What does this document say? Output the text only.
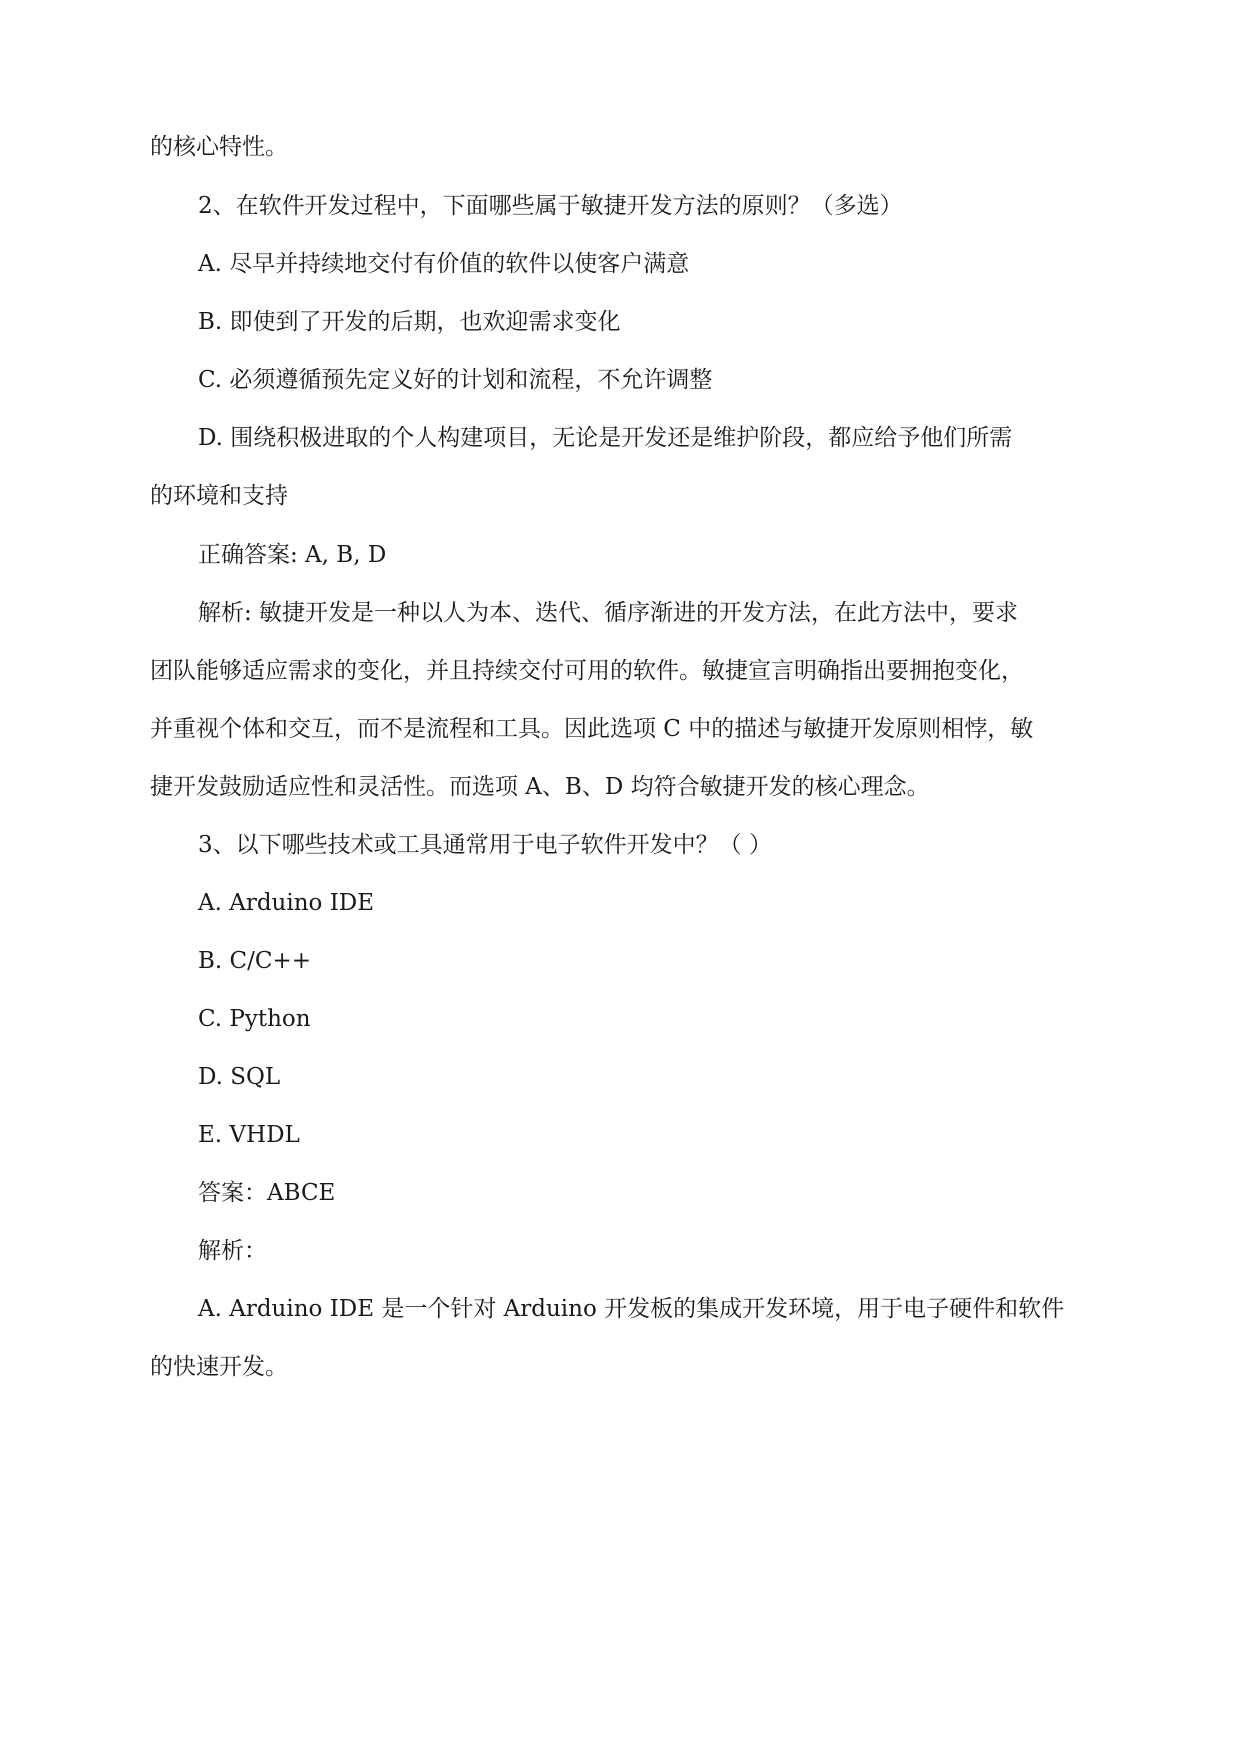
的核心特性。
2、在软件开发过程中，下面哪些属于敏捷开发方法的原则？（多选）
A. 尽早并持续地交付有价值的软件以使客户满意
B. 即使到了开发的后期，也欢迎需求变化
C. 必须遵循预先定义好的计划和流程，不允许调整
D. 围绕积极进取的个人构建项目，无论是开发还是维护阶段，都应给予他们所需
的环境和支持
正确答案: A, B, D
解析: 敏捷开发是一种以人为本、迭代、循序渐进的开发方法，在此方法中，要求
团队能够适应需求的变化，并且持续交付可用的软件。敏捷宣言明确指出要拥抱变化，
并重视个体和交互，而不是流程和工具。因此选项 C 中的描述与敏捷开发原则相悖，敏
捷开发鼓励适应性和灵活性。而选项 A、B、D 均符合敏捷开发的核心理念。
3、以下哪些技术或工具通常用于电子软件开发中？（ ）
A. Arduino IDE
B. C/C++
C. Python
D. SQL
E. VHDL
答案：ABCE
解析：
A. Arduino IDE 是一个针对 Arduino 开发板的集成开发环境，用于电子硬件和软件
的快速开发。
